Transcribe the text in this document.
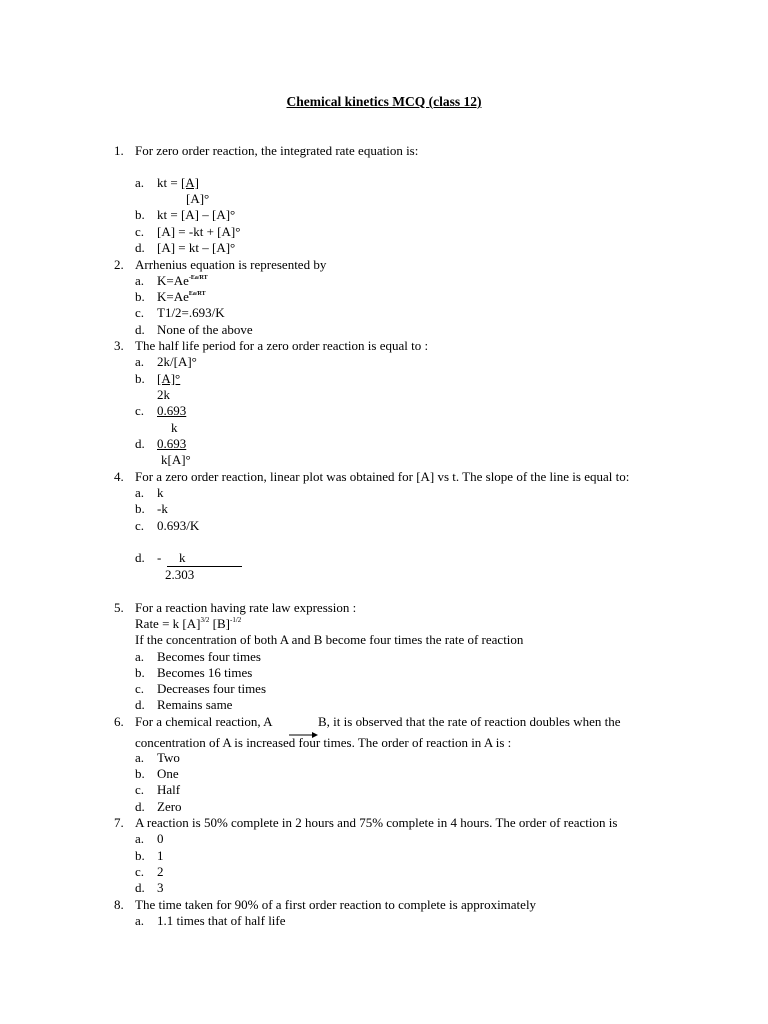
Chemical kinetics MCQ (class 12)
1. For zero order reaction, the integrated rate equation is:
a. kt = [A]
[A]°
b. kt = [A] – [A]°
c. [A] = -kt + [A]°
d. [A] = kt – [A]°
2. Arrhenius equation is represented by
a. $K=Ae^{-Ea/RT}$
b. $K=Ae^{Ea/RT}$
c. T1/2=.693/K
d. None of the above
3. The half life period for a zero order reaction is equal to :
a. 2k/[A]°
b. [A]°
2k
c. 0.693
k
d. 0.693
k[A]°
4. For a zero order reaction, linear plot was obtained for [A] vs t. The slope of the line is equal to:
a. k
b. -k
c. 0.693/K
d. - k
2.303
5. For a reaction having rate law expression :
Rate = k $[A]^{3/2}$ $[B]^{-1/2}$
If the concentration of both A and B become four times the rate of reaction
a. Becomes four times
b. Becomes 16 times
c. Decreases four times
d. Remains same
6. For a chemical reaction, A	B, it is observed that the rate of reaction doubles when the
concentration of A is increased four times. The order of reaction in A is :
a. Two
b. One
c. Half
d. Zero
7. A reaction is 50% complete in 2 hours and 75% complete in 4 hours. The order of reaction is
a. 0
b. 1
c. 2
d. 3
8. The time taken for 90% of a first order reaction to complete is approximately
a. 1.1 times that of half life
